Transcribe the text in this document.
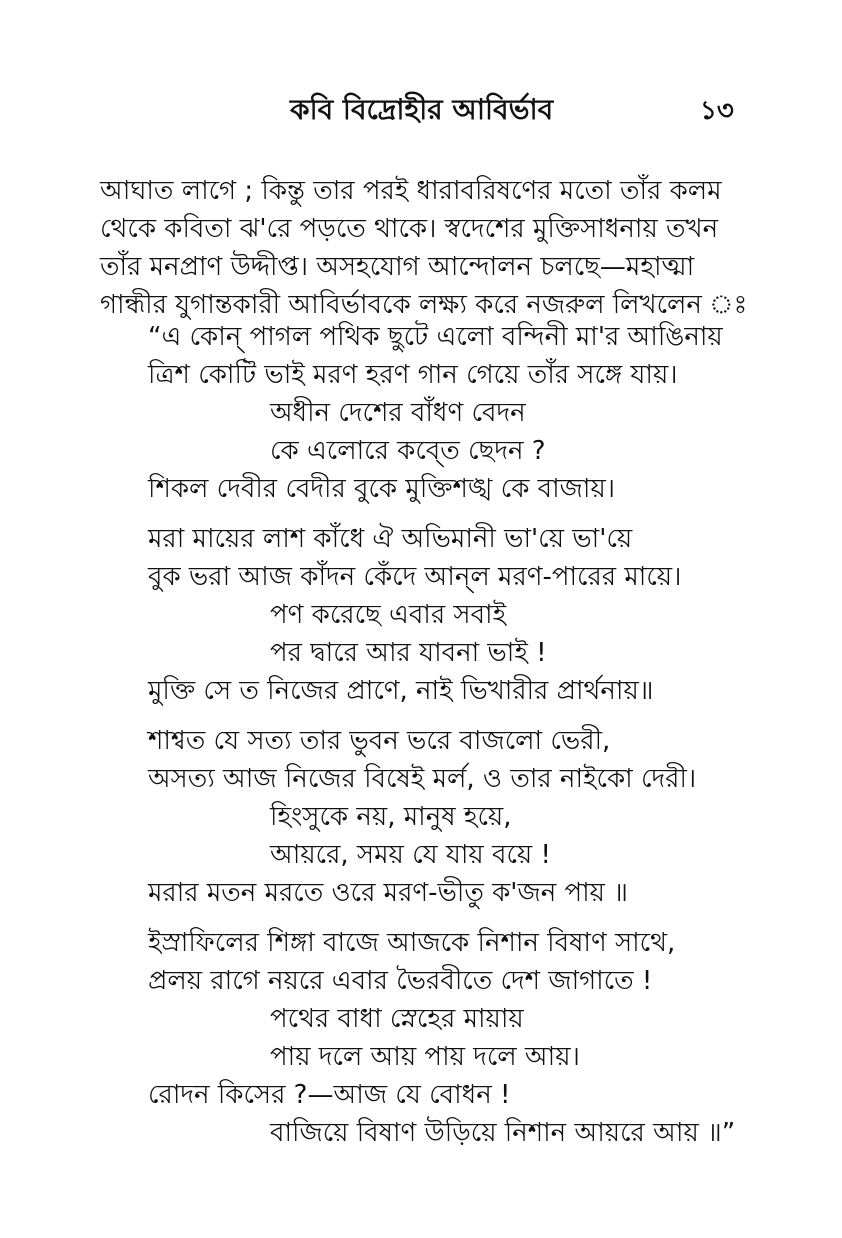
কবি বিদ্রোহীর আবির্ভাব	১৩
আঘাত লাগে ; কিন্তু তার পরই ধারাবরিষণের মতো তাঁর কলম
থেকে কবিতা ঝ'রে পড়তে থাকে। স্বদেশের মুক্তিসাধনায় তখন
তাঁর মনপ্রাণ উদ্দীপ্ত। অসহযোগ আন্দোলন চলছে—মহাত্মা
গান্ধীর যুগান্তকারী আবির্ভাবকে লক্ষ্য করে নজরুল লিখলেন ঃ
“এ কোন্ পাগল পথিক ছুটে এলো বন্দিনী মা'র আঙিনায়
ত্রিশ কোটি ভাই মরণ হরণ গান গেয়ে তাঁর সঙ্গে যায়।
অধীন দেশের বাঁধণ বেদন
কে এলোরে কব্তে ছেদন ?
শিকল দেবীর বেদীর বুকে মুক্তিশঙ্খ কে বাজায়।
মরা মায়ের লাশ কাঁধে ঐ অভিমানী ভা'য়ে ভা'য়ে
বুক ভরা আজ কাঁদন কেঁদে আন্ল মরণ-পারের মায়ে।
পণ করেছে এবার সবাই
পর দ্বারে আর যাবনা ভাই !
মুক্তি সে ত নিজের প্রাণে, নাই ভিখারীর প্রার্থনায়॥
শাশ্বত যে সত্য তার ভুবন ভরে বাজলো ভেরী,
অসত্য আজ নিজের বিষেই মর্ল, ও তার নাইকো দেরী।
হিংসুকে নয়, মানুষ হয়ে,
আয়রে, সময় যে যায় বয়ে !
মরার মতন মরতে ওরে মরণ-ভীতু ক'জন পায় ॥
ইস্রাফিলের শিঙ্গা বাজে আজকে নিশান বিষাণ সাথে,
প্রলয় রাগে নয়রে এবার ভৈরবীতে দেশ জাগাতে !
পথের বাধা স্নেহের মায়ায়
পায় দলে আয় পায় দলে আয়।
রোদন কিসের ?—আজ যে বোধন !
বাজিয়ে বিষাণ উড়িয়ে নিশান আয়রে আয় ॥”
